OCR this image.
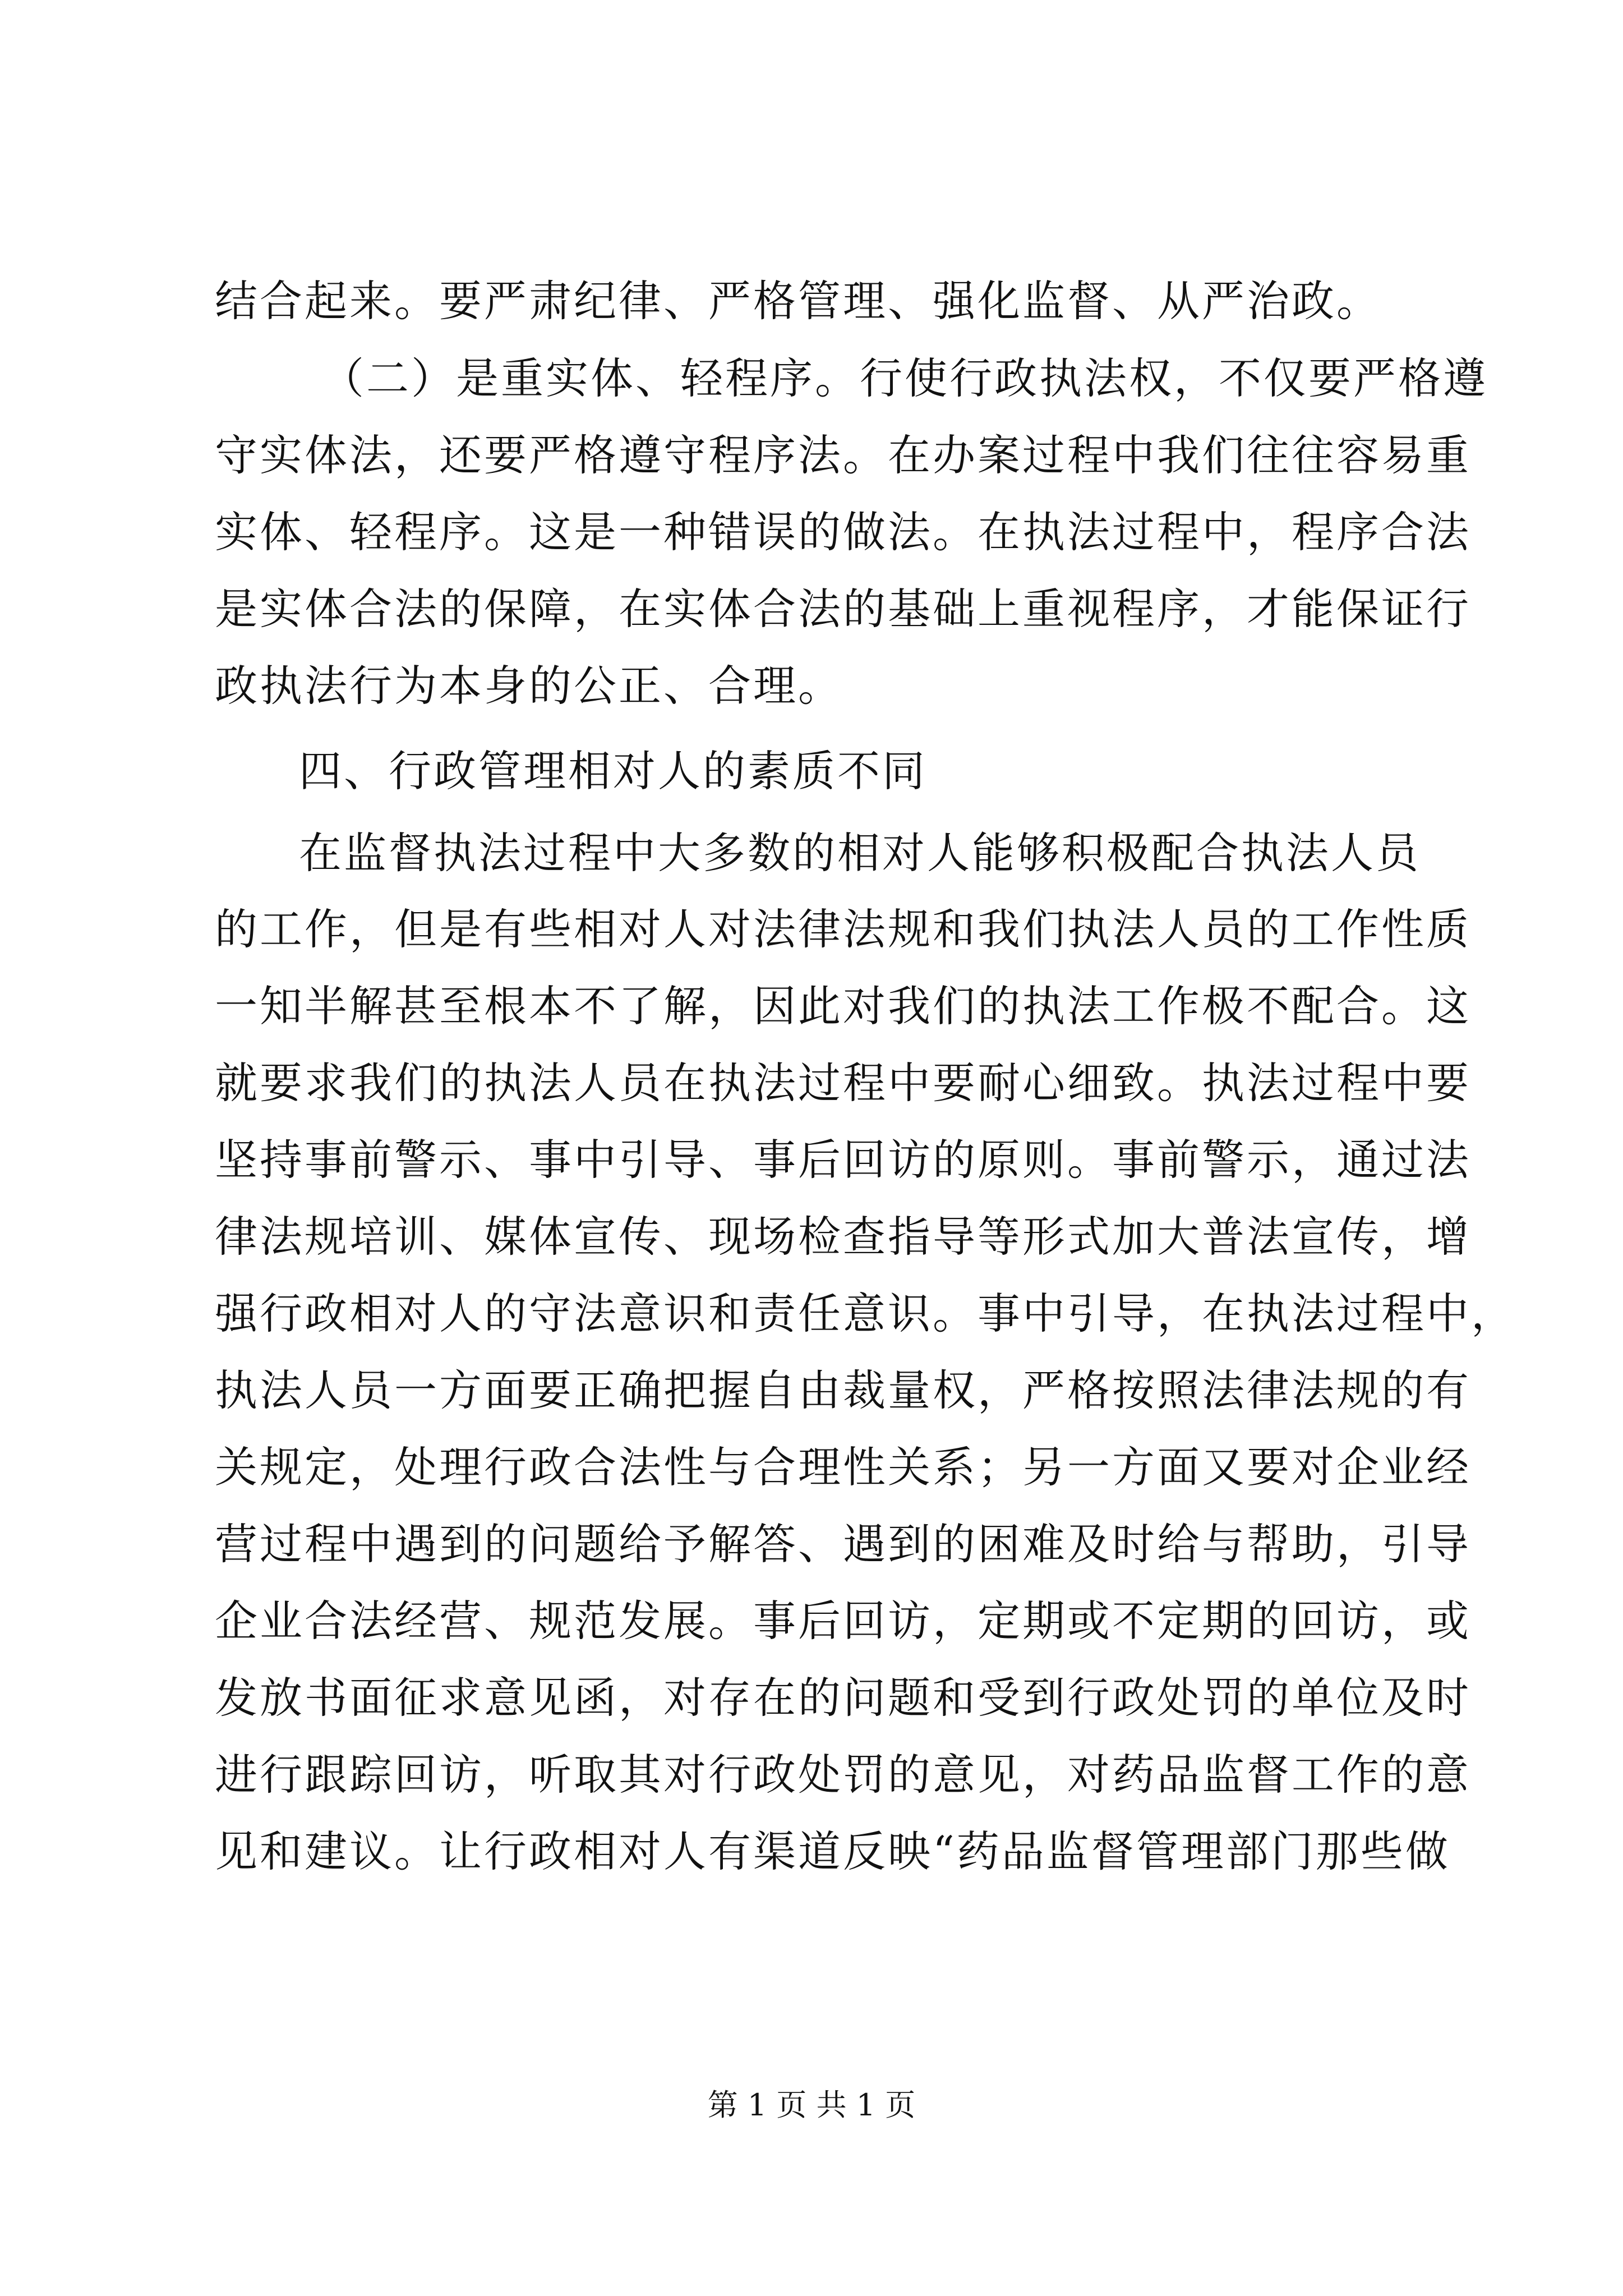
结合起来。要严肃纪律、严格管理、强化监督、从严治政。
（二）是重实体、轻程序。行使行政执法权，不仅要严格遵
守实体法，还要严格遵守程序法。在办案过程中我们往往容易重
实体、轻程序。这是一种错误的做法。在执法过程中，程序合法
是实体合法的保障，在实体合法的基础上重视程序，才能保证行
政执法行为本身的公正、合理。
四、行政管理相对人的素质不同
在监督执法过程中大多数的相对人能够积极配合执法人员
的工作，但是有些相对人对法律法规和我们执法人员的工作性质
一知半解甚至根本不了解，因此对我们的执法工作极不配合。这
就要求我们的执法人员在执法过程中要耐心细致。执法过程中要
坚持事前警示、事中引导、事后回访的原则。事前警示，通过法
律法规培训、媒体宣传、现场检查指导等形式加大普法宣传，增
强行政相对人的守法意识和责任意识。事中引导，在执法过程中，
执法人员一方面要正确把握自由裁量权，严格按照法律法规的有
关规定，处理行政合法性与合理性关系；另一方面又要对企业经
营过程中遇到的问题给予解答、遇到的困难及时给与帮助，引导
企业合法经营、规范发展。事后回访，定期或不定期的回访，或
发放书面征求意见函，对存在的问题和受到行政处罚的单位及时
进行跟踪回访，听取其对行政处罚的意见，对药品监督工作的意
见和建议。让行政相对人有渠道反映“药品监督管理部门那些做
第 1 页 共 1 页
